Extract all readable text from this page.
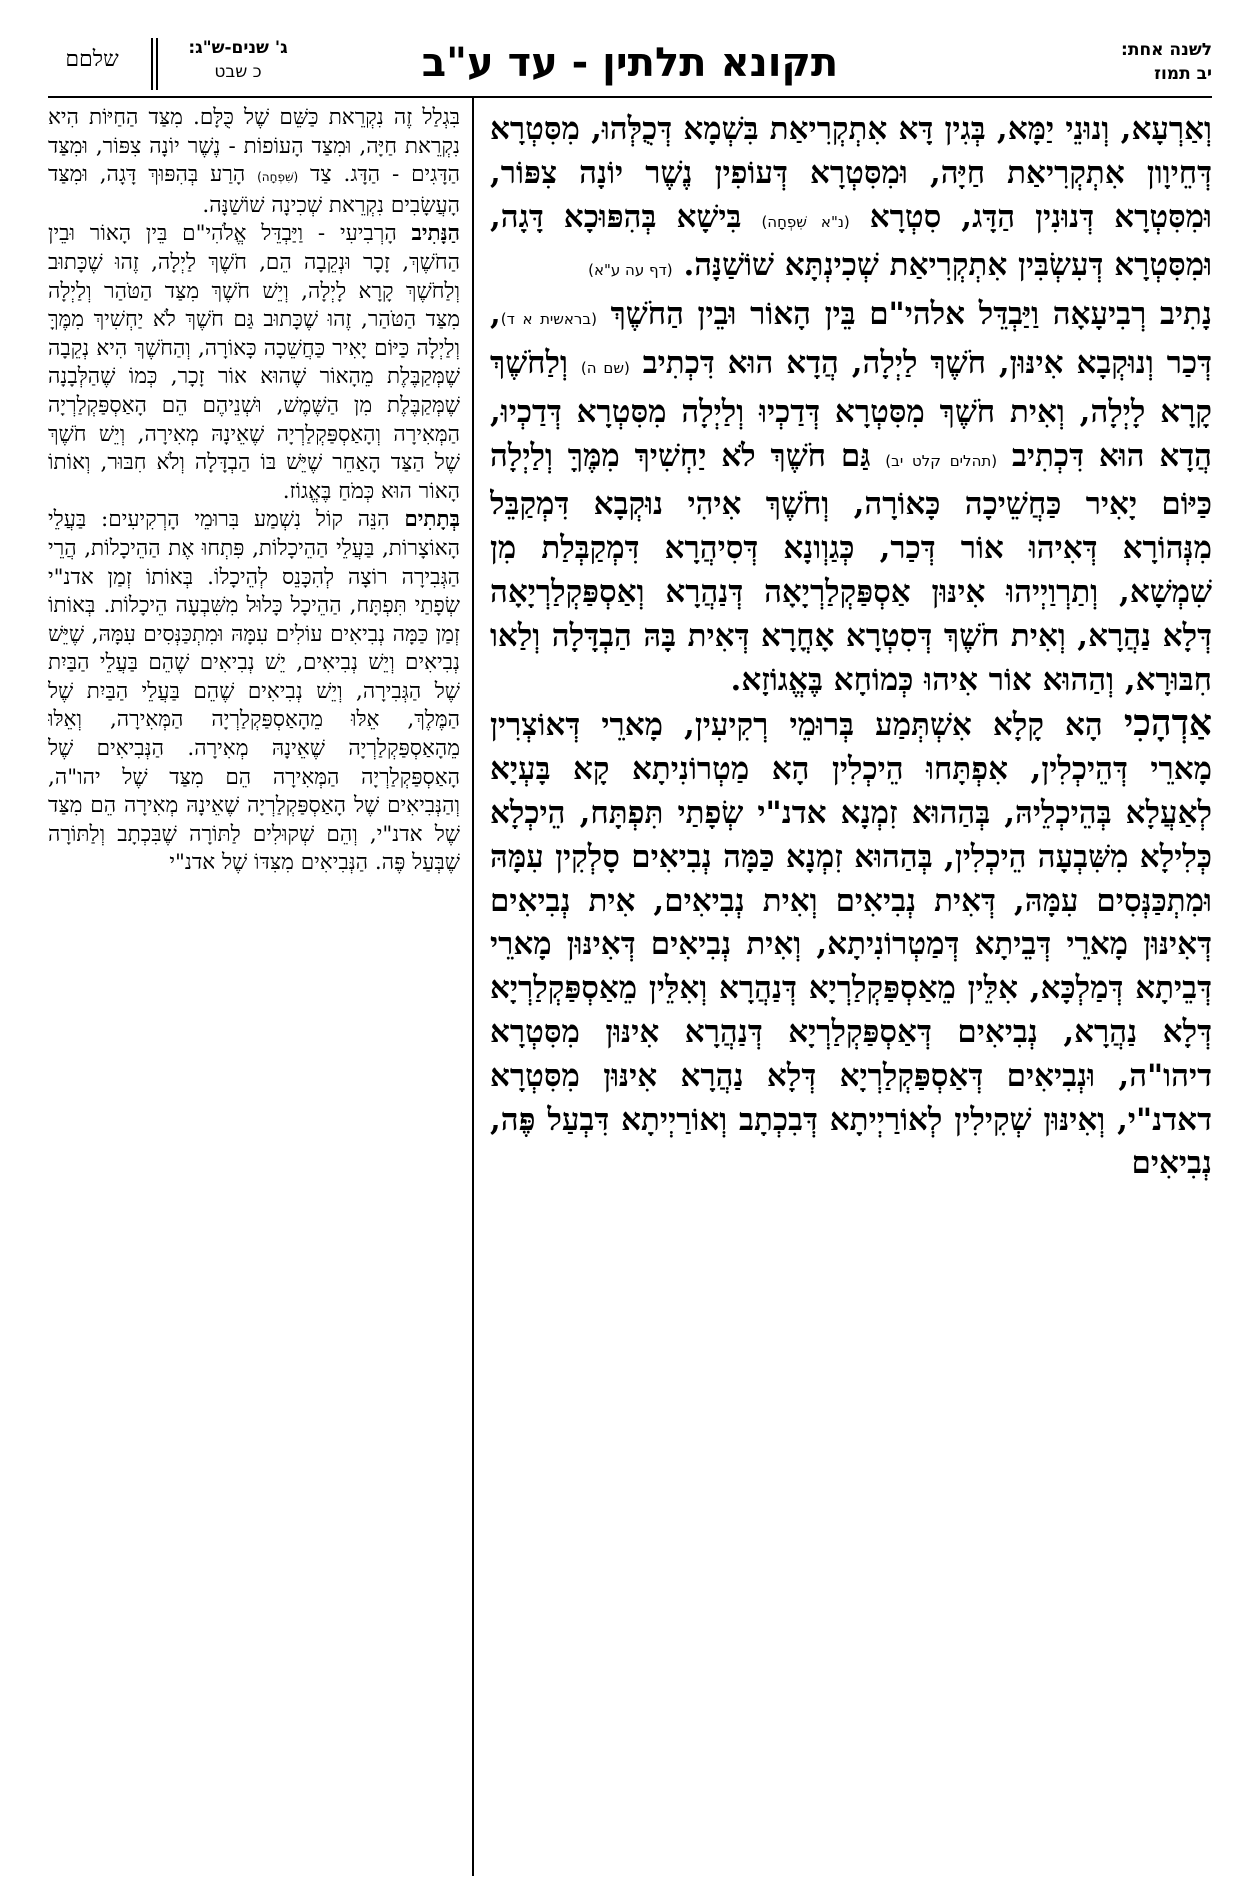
לשנה אחת:
יב תמוז
תקונא תלתין - עד ע"ב
ג' שנים-ש"ג:
כ שבט
שלםם

וְאַרְעָא, וְנוּנֵי יַמָּא, בְּגִין דָּא אִתְקְרִיאַת בִּשְׁמָא דְּכֻלְּהוּ, מִסִּטְרָא דְּחֵיוָון אִתְקְרִיאַת חַיָּה, וּמִסִּטְרָא דְּעוֹפִין נֶשֶׁר יוֹנָה צִפּוֹר, וּמִסִּטְרָא דְּנוּנִין הַדָּג, סִטְרָא (נ"א שִׁפְחָה) בִּישָׁא בְּהִפּוּכָא דָּגָה, וּמִסִּטְרָא דְּעִשְׂבִּין אִתְקְרִיאַת שְׁכִינְתָּא שׁוֹשַׁנָּה. (דף עה ע"א)

נָתִיב רְבִיעָאָה וַיַּבְדֵּל אלהי"ם בֵּין הָאוֹר וּבֵין הַחֹשֶׁךְ (בראשית א ד), דְּכַר וְנוּקְבָא אִינּוּן, חֹשֶׁךְ לַיְלָה, הֲדָא הוּא דִּכְתִיב (שם ה) וְלַחֹשֶׁךְ קָרָא לָיְלָה, וְאִית חֹשֶׁךְ מִסִּטְרָא דְּדַכְיוּ וְלַיְלָה מִסִּטְרָא דְּדַכְיוּ, הֲדָא הוּא דִּכְתִיב (תהלים קלט יב) גַּם חֹשֶׁךְ לֹא יַחְשִׁיךְ מִמֶּךָּ וְלַיְלָה כַּיּוֹם יָאִיר כַּחֲשֵׁיכָה כָּאוֹרָה, וְחֹשֶׁךְ אִיהִי נוּקְבָא דִּמְקַבֵּל מִנְּהוֹרָא דְּאִיהוּ אוֹר דְּכַר, כְּגַוְונָא דְּסִיהֲרָא דִּמְקַבְּלַת מִן שִׁמְשָׁא, וְתַרְוַיְיהוּ אִינּוּן אַסְפַּקְלַרְיָאָה דְּנַהֲרָא וְאַסְפַּקְלַרְיָאָה דְּלָא נַהֲרָא, וְאִית חֹשֶׁךְ דְּסִטְרָא אָחֳרָא דְּאִית בָּהּ הַבְדָּלָה וְלַאו חִבּוּרָא, וְהַהוּא אוֹר אִיהוּ כְּמוֹחָא בֶּאֱגוֹזָא.

אַדְהָכִי הָא קָלָא אִשְׁתְּמַע בְּרוּמֵי רְקִיעִין, מָארֵי דְּאוֹצְרִין מָארֵי דְּהֵיכְלִין, אִפְתָּחוּ הֵיכְלִין הָא מַטְרוֹנִיתָא קָא בָּעְיָא לְאַעֲלָא בְּהֵיכְלֵיהּ, בְּהַהוּא זִמְנָא אדנ"י שְׂפָתַי תִּפְתָּח, הֵיכְלָא כְּלִילָא מִשִּׁבְעָה הֵיכְלִין, בְּהַהוּא זִמְנָא כַּמָּה נְבִיאִים סָלְקִין עִמָּהּ וּמִתְכַּנְּסִים עִמָּהּ, דְּאִית נְבִיאִים וְאִית נְבִיאִים, אִית נְבִיאִים דְּאִינּוּן מָארֵי דְּבֵיתָא דְּמַטְרוֹנִיתָא, וְאִית נְבִיאִים דְּאִינּוּן מָארֵי דְּבֵיתָא דְּמַלְכָּא, אִלֵּין מֵאַסְפַּקְלַרְיָא דְּנַהֲרָא וְאִלֵּין מֵאַסְפַּקְלַרְיָא דְּלָא נַהֲרָא, נְבִיאִים דְּאַסְפַּקְלַרְיָא דְּנַהֲרָא אִינּוּן מִסִּטְרָא דיהו"ה, וּנְבִיאִים דְּאַסְפַּקְלַרְיָא דְּלָא נַהֲרָא אִינּוּן מִסִּטְרָא דאדנ"י, וְאִינּוּן שְׁקִילִין לְאוֹרַיְיתָא דְּבִכְתָב וְאוֹרַיְיתָא דִּבְעַל פֶּה, נְבִיאִים

בִּגְלַל זֶה נִקְרֵאת כַּשֵּׁם שֶׁל כֻּלָּם. מִצַּד הַחַיּוֹת הִיא נִקְרֵאת חַיָּה, וּמִצַּד הָעוֹפוֹת - נֶשֶׁר יוֹנָה צִפּוֹר, וּמִצַּד הַדָּגִים - הַדָּג. צַד (שִׁפְחָה) הָרַע בְּהִפּוּךְ דָּגָה, וּמִצַּד הָעֲשָׂבִים נִקְרֵאת שְׁכִינָה שׁוֹשַׁנָּה.

הַנָּתִיב הָרְבִיעִי - וַיַּבְדֵּל אֱלֹהִי"ם בֵּין הָאוֹר וּבֵין הַחֹשֶׁךְ, זָכָר וּנְקֵבָה הֵם, חֹשֶׁךְ לַיְלָה, זֶהוּ שֶׁכָּתוּב וְלַחֹשֶׁךְ קָרָא לָיְלָה, וְיֵשׁ חֹשֶׁךְ מִצַּד הַטֹּהַר וְלַיְלָה מִצַּד הַטֹּהַר, זֶהוּ שֶׁכָּתוּב גַּם חֹשֶׁךְ לֹא יַחְשִׁיךְ מִמֶּךָּ וְלַיְלָה כַּיּוֹם יָאִיר כַּחֲשֵׁכָה כָּאוֹרָה, וְהַחֹשֶׁךְ הִיא נְקֵבָה שֶׁמְּקַבֶּלֶת מֵהָאוֹר שֶׁהוּא אוֹר זָכָר, כְּמוֹ שֶׁהַלְּבָנָה שֶׁמְּקַבֶּלֶת מִן הַשֶּׁמֶשׁ, וּשְׁנֵיהֶם הֵם הָאַסְפַּקְלַרְיָה הַמְּאִירָה וְהָאַסְפַּקְלַרְיָה שֶׁאֵינָהּ מְאִירָה, וְיֵשׁ חֹשֶׁךְ שֶׁל הַצַּד הָאַחֵר שֶׁיֵּשׁ בּוֹ הַבְדָּלָה וְלֹא חִבּוּר, וְאוֹתוֹ הָאוֹר הוּא כְּמֹחַ בֶּאֱגוֹז.

בְּתָתִים הִנֵּה קוֹל נִשְׁמַע בִּרוּמֵי הָרְקִיעִים: בַּעֲלֵי הָאוֹצָרוֹת, בַּעֲלֵי הַהֵיכָלוֹת, פִּתְחוּ אֶת הַהֵיכָלוֹת, הֲרֵי הַגְּבִירָה רוֹצָה לְהִכָּנֵס לְהֵיכָלוֹ. בְּאוֹתוֹ זְמַן אדנ"י שְׂפָתַי תִּפְתָּח, הַהֵיכָל כָּלוּל מִשִּׁבְעָה הֵיכָלוֹת. בְּאוֹתוֹ זְמַן כַּמָּה נְבִיאִים עוֹלִים עִמָּהּ וּמִתְכַּנְּסִים עִמָּהּ, שֶׁיֵּשׁ נְבִיאִים וְיֵשׁ נְבִיאִים, יֵשׁ נְבִיאִים שֶׁהֵם בַּעֲלֵי הַבַּיִת שֶׁל הַגְּבִירָה, וְיֵשׁ נְבִיאִים שֶׁהֵם בַּעֲלֵי הַבַּיִת שֶׁל הַמֶּלֶךְ, אֵלּוּ מֵהָאַסְפַּקְלַרְיָה הַמְּאִירָה, וְאֵלּוּ מֵהָאַסְפַּקְלַרְיָה שֶׁאֵינָהּ מְאִירָה. הַנְּבִיאִים שֶׁל הָאַסְפַּקְלַרְיָה הַמְּאִירָה הֵם מִצַּד שֶׁל יהו"ה, וְהַנְּבִיאִים שֶׁל הָאַסְפַּקְלַרְיָה שֶׁאֵינָהּ מְאִירָה הֵם מִצַּד שֶׁל אדנ"י, וְהֵם שְׁקוּלִים לַתּוֹרָה שֶׁבִּכְתָב וְלַתּוֹרָה שֶׁבְּעַל פֶּה. הַנְּבִיאִים מִצִּדּוֹ שֶׁל אדנ"י
